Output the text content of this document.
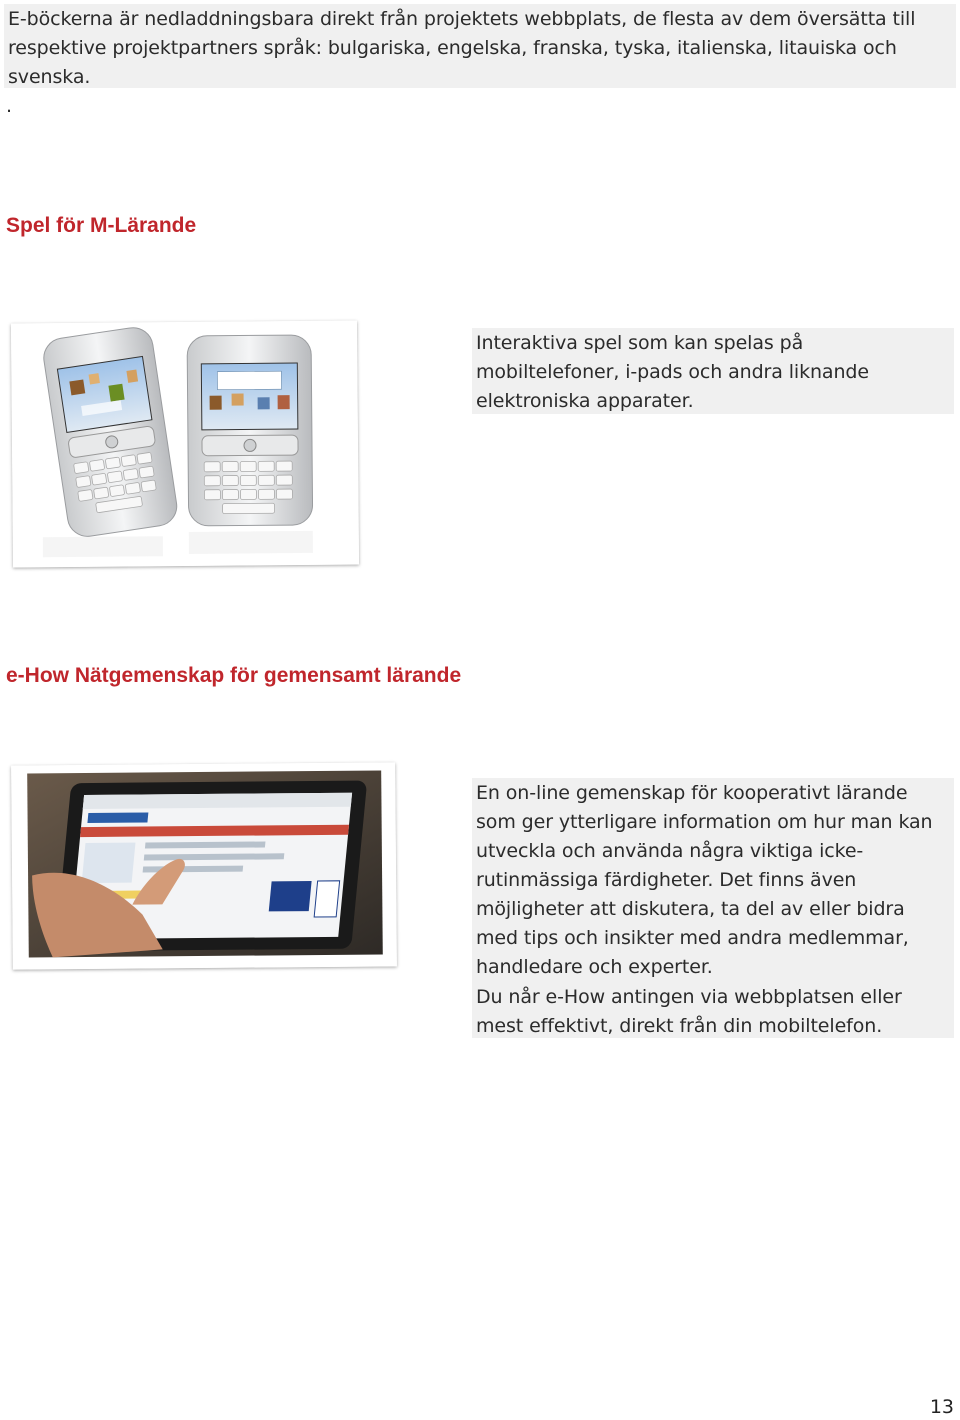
E-böckerna är nedladdningsbara direkt från projektets webbplats, de flesta av dem översätta till respektive projektpartners språk: bulgariska, engelska, franska, tyska, italienska, litauiska och svenska.

.
Spel för M-Lärande

Interaktiva spel som kan spelas på mobiltelefoner, i-pads och andra liknande elektroniska apparater.

e-How Nätgemenskap för gemensamt lärande

En on-line gemenskap för kooperativt lärande som ger ytterligare information om hur man kan utveckla och använda några viktiga icke-rutinmässiga färdigheter. Det finns även möjligheter att diskutera, ta del av eller bidra med tips och insikter med andra medlemmar, handledare och experter.

Du når e-How antingen via webbplatsen eller mest effektivt, direkt från din mobiltelefon.

13
